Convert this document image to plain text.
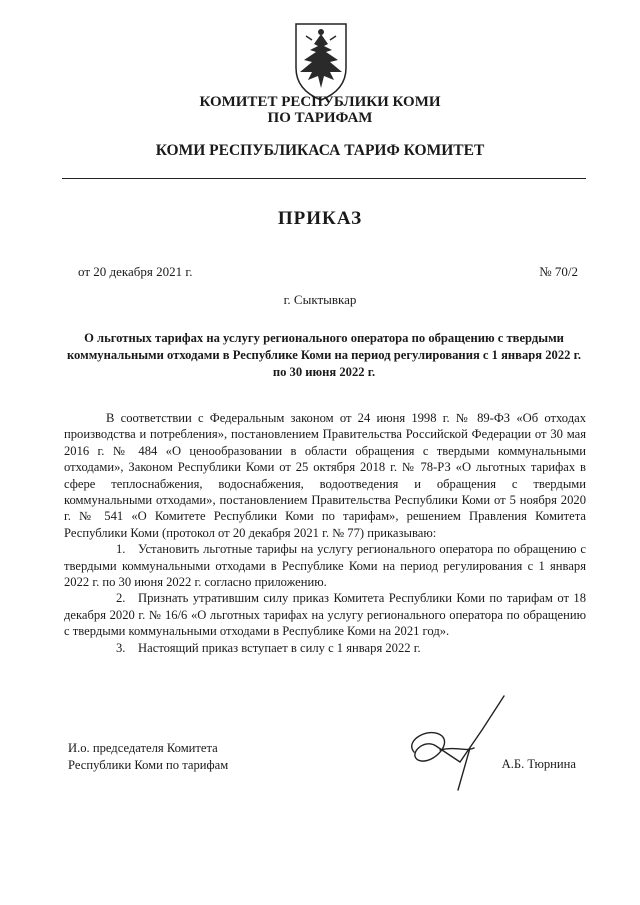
КОМИТЕТ РЕСПУБЛИКИ КОМИ
ПО ТАРИФАМ
КОМИ РЕСПУБЛИКАСА ТАРИФ КОМИТЕТ
ПРИКАЗ
от 20 декабря 2021 г.	№ 70/2
г. Сыктывкар
О льготных тарифах на услугу регионального оператора по обращению с твердыми коммунальными отходами в Республике Коми на период регулирования с 1 января 2022 г. по 30 июня 2022 г.

В соответствии с Федеральным законом от 24 июня 1998 г. № 89-ФЗ «Об отходах производства и потребления», постановлением Правительства Российской Федерации от 30 мая 2016 г. № 484 «О ценообразовании в области обращения с твердыми коммунальными отходами», Законом Республики Коми от 25 октября 2018 г. № 78-РЗ «О льготных тарифах в сфере теплоснабжения, водоснабжения, водоотведения и обращения с твердыми коммунальными отходами», постановлением Правительства Республики Коми от 5 ноября 2020 г. № 541 «О Комитете Республики Коми по тарифам», решением Правления Комитета Республики Коми (протокол от 20 декабря 2021 г. № 77) приказываю:

1. Установить льготные тарифы на услугу регионального оператора по обращению с твердыми коммунальными отходами в Республике Коми на период регулирования с 1 января 2022 г. по 30 июня 2022 г. согласно приложению.

2. Признать утратившим силу приказ Комитета Республики Коми по тарифам от 18 декабря 2020 г. № 16/6 «О льготных тарифах на услугу регионального оператора по обращению с твердыми коммунальными отходами в Республике Коми на 2021 год».

3. Настоящий приказ вступает в силу с 1 января 2022 г.

И.о. председателя Комитета
Республики Коми по тарифам	А.Б. Тюрнина
